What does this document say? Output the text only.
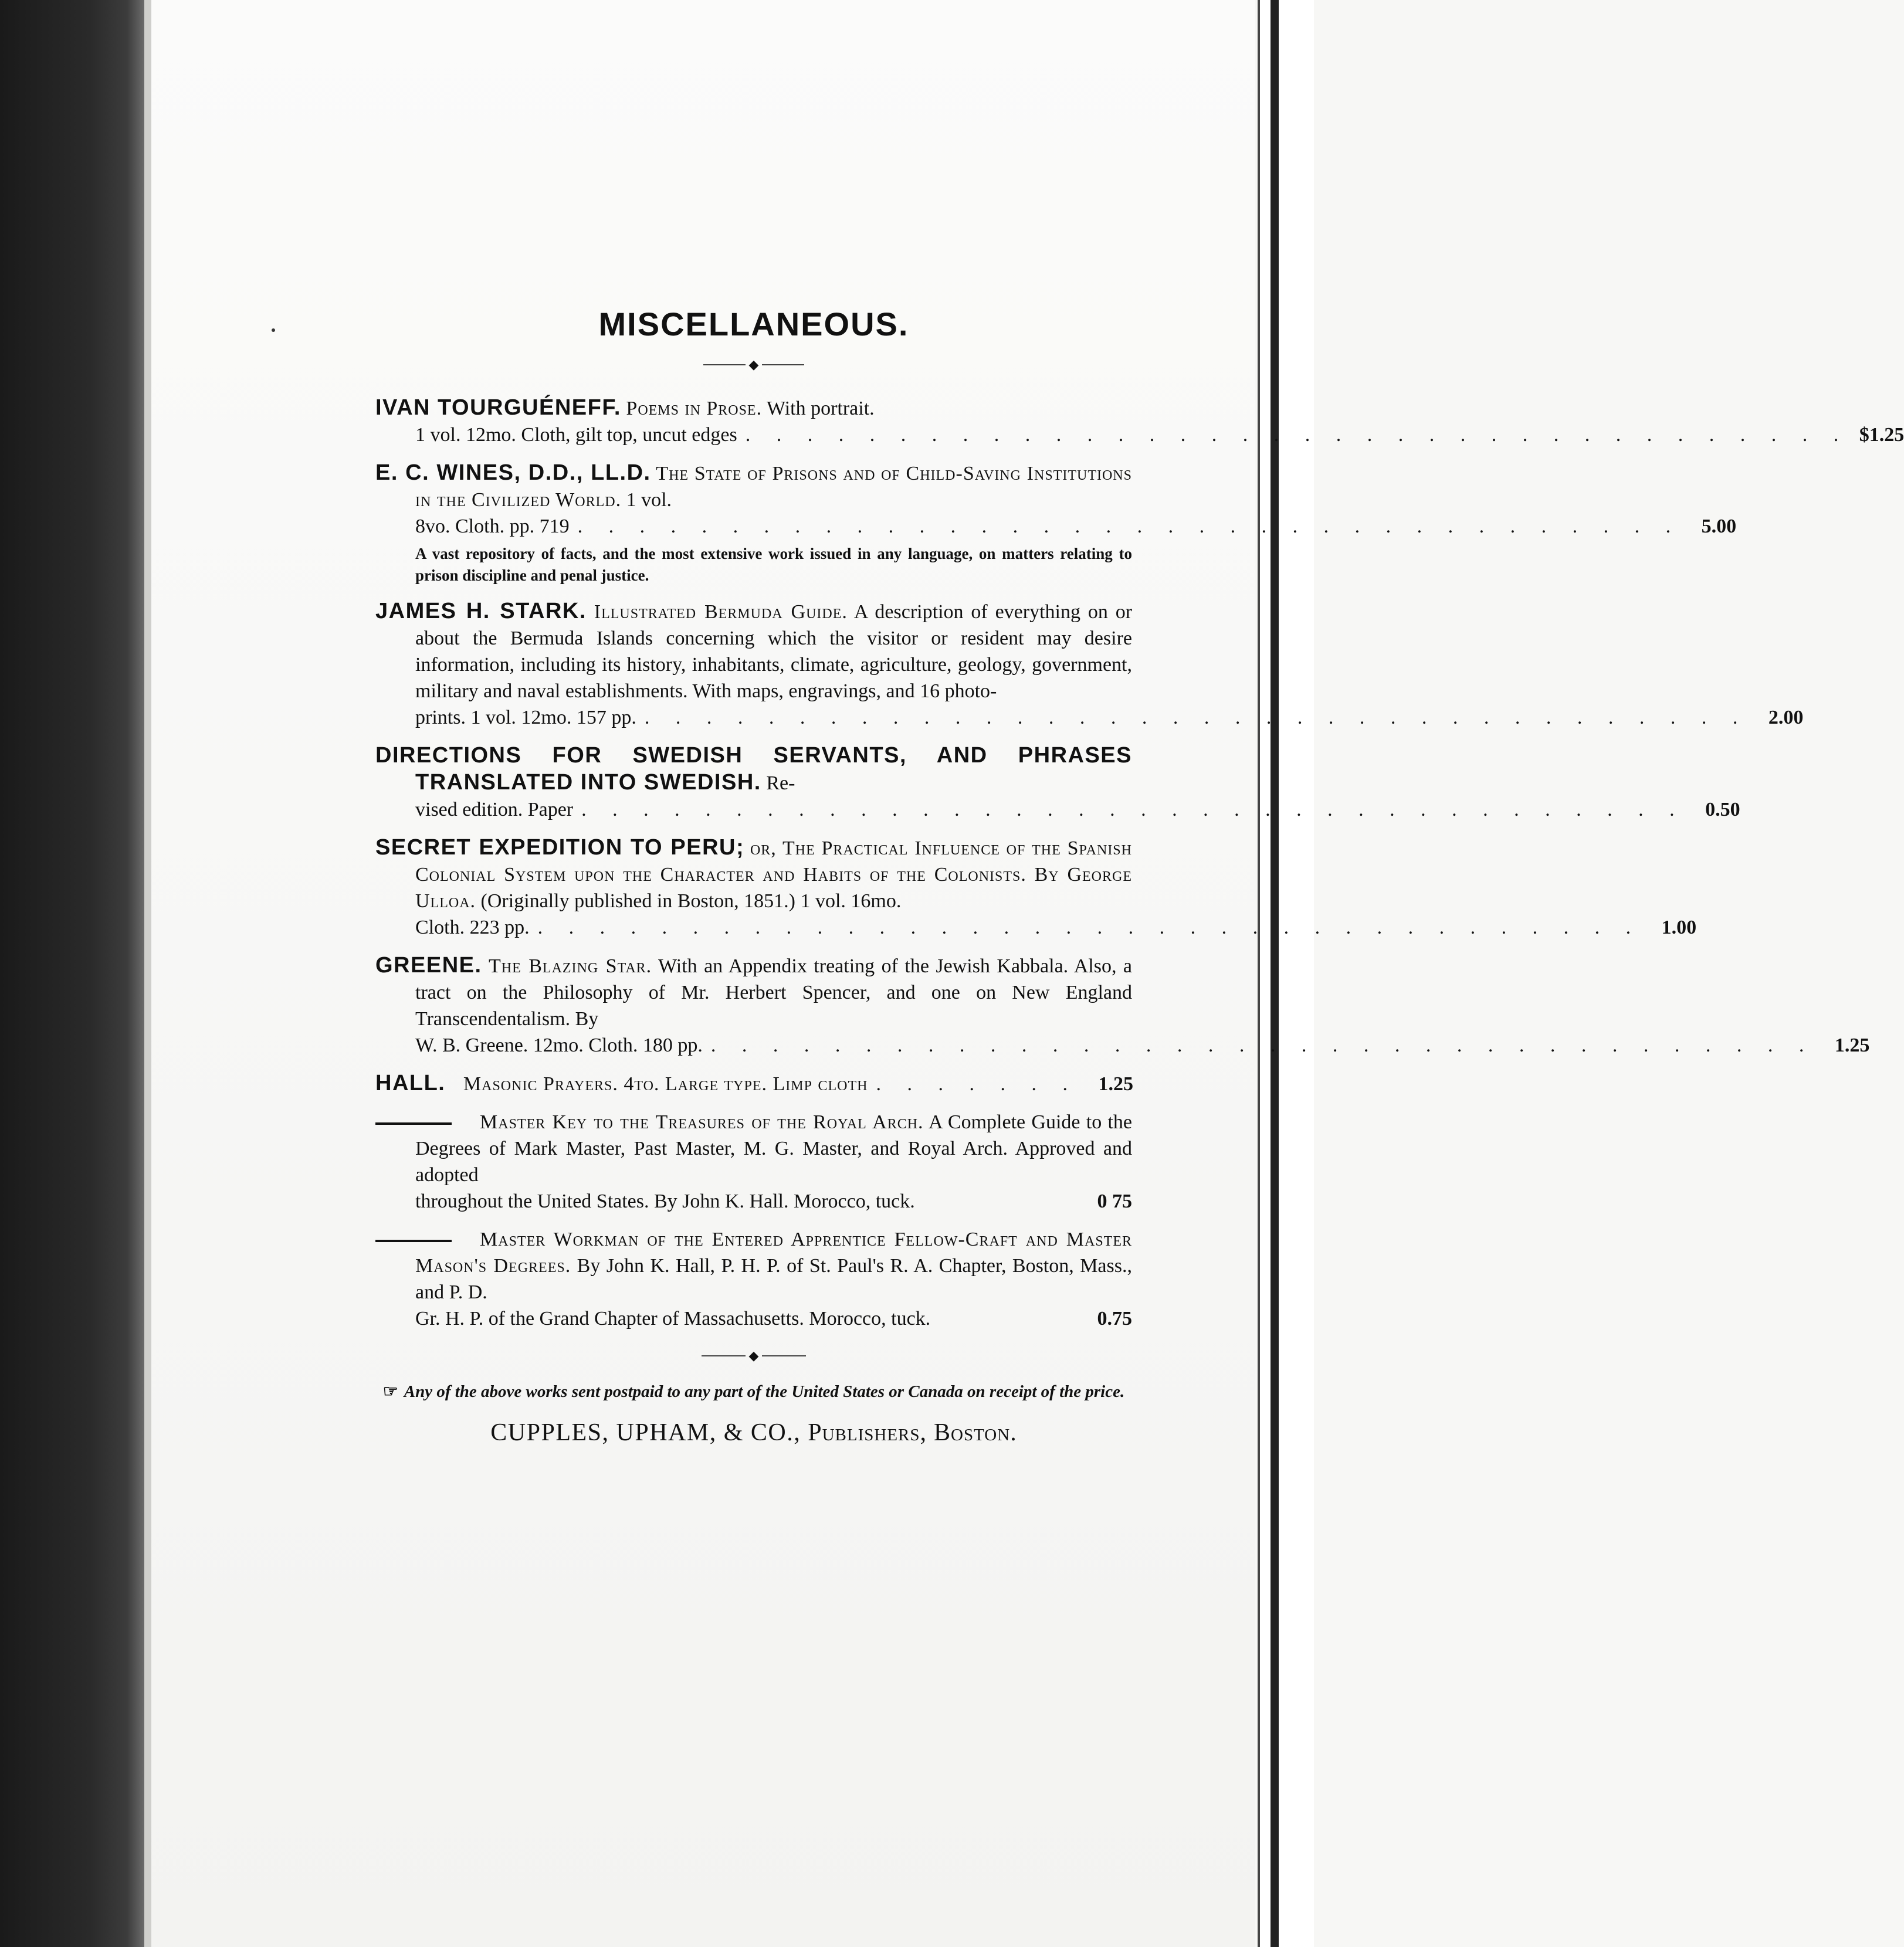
MISCELLANEOUS.
◆
IVAN TOURGUÉNEFF. Poems in Prose. With portrait.
1 vol. 12mo. Cloth, gilt top, uncut edges . . . . . . . . . . . . . . . . . . . . . . . . . . . . . . . . . . . . $1.25
E. C. WINES, D.D., LL.D. The State of Prisons and of Child-Saving Institutions in the Civilized World. 1 vol.
8vo. Cloth. pp. 719 . . . . . . . . . . . . . . . . . . . . . . . . . . . . . . . . . . . .	5.00
A vast repository of facts, and the most extensive work issued in any language, on matters relating to prison discipline and penal justice.
JAMES H. STARK. Illustrated Bermuda Guide. A description of everything on or about the Bermuda Islands concerning which the visitor or resident may desire information, including its history, inhabitants, climate, agriculture, geology, government, military and naval establishments. With maps, engravings, and 16 photo-
prints. 1 vol. 12mo. 157 pp. . . . . . . . . . . . . . . . . . . . . . . . . . . . . . . . . . . . .	2.00
DIRECTIONS FOR SWEDISH SERVANTS, AND PHRASES TRANSLATED INTO SWEDISH. Re-
vised edition. Paper . . . . . . . . . . . . . . . . . . . . . . . . . . . . . . . . . . . .	0.50
SECRET EXPEDITION TO PERU; or, The Practical Influence of the Spanish Colonial System upon the Character and Habits of the Colonists. By George Ulloa. (Originally published in Boston, 1851.) 1 vol. 16mo.
Cloth. 223 pp. . . . . . . . . . . . . . . . . . . . . . . . . . . . . . . . . . . . .	1.00
GREENE. The Blazing Star. With an Appendix treating of the Jewish Kabbala. Also, a tract on the Philosophy of Mr. Herbert Spencer, and one on New England Transcendentalism. By
W. B. Greene. 12mo. Cloth. 180 pp. . . . . . . . . . . . . . . . . . . . . . . . . . . . . . . . . . . . .	1.25
HALL. Masonic Prayers. 4to. Large type. Limp cloth . . . . . . .	1.25
Master Key to the Treasures of the Royal Arch. A Complete Guide to the Degrees of Mark Master, Past Master, M. G. Master, and Royal Arch. Approved and adopted
throughout the United States. By John K. Hall. Morocco, tuck.	0 75
Master Workman of the Entered Apprentice Fellow-Craft and Master Mason's Degrees. By John K. Hall, P. H. P. of St. Paul's R. A. Chapter, Boston, Mass., and P. D.
Gr. H. P. of the Grand Chapter of Massachusetts. Morocco, tuck.	0.75
◆
☞ Any of the above works sent postpaid to any part of the United States or Canada on receipt of the price.
CUPPLES, UPHAM, & CO., Publishers, Boston.
